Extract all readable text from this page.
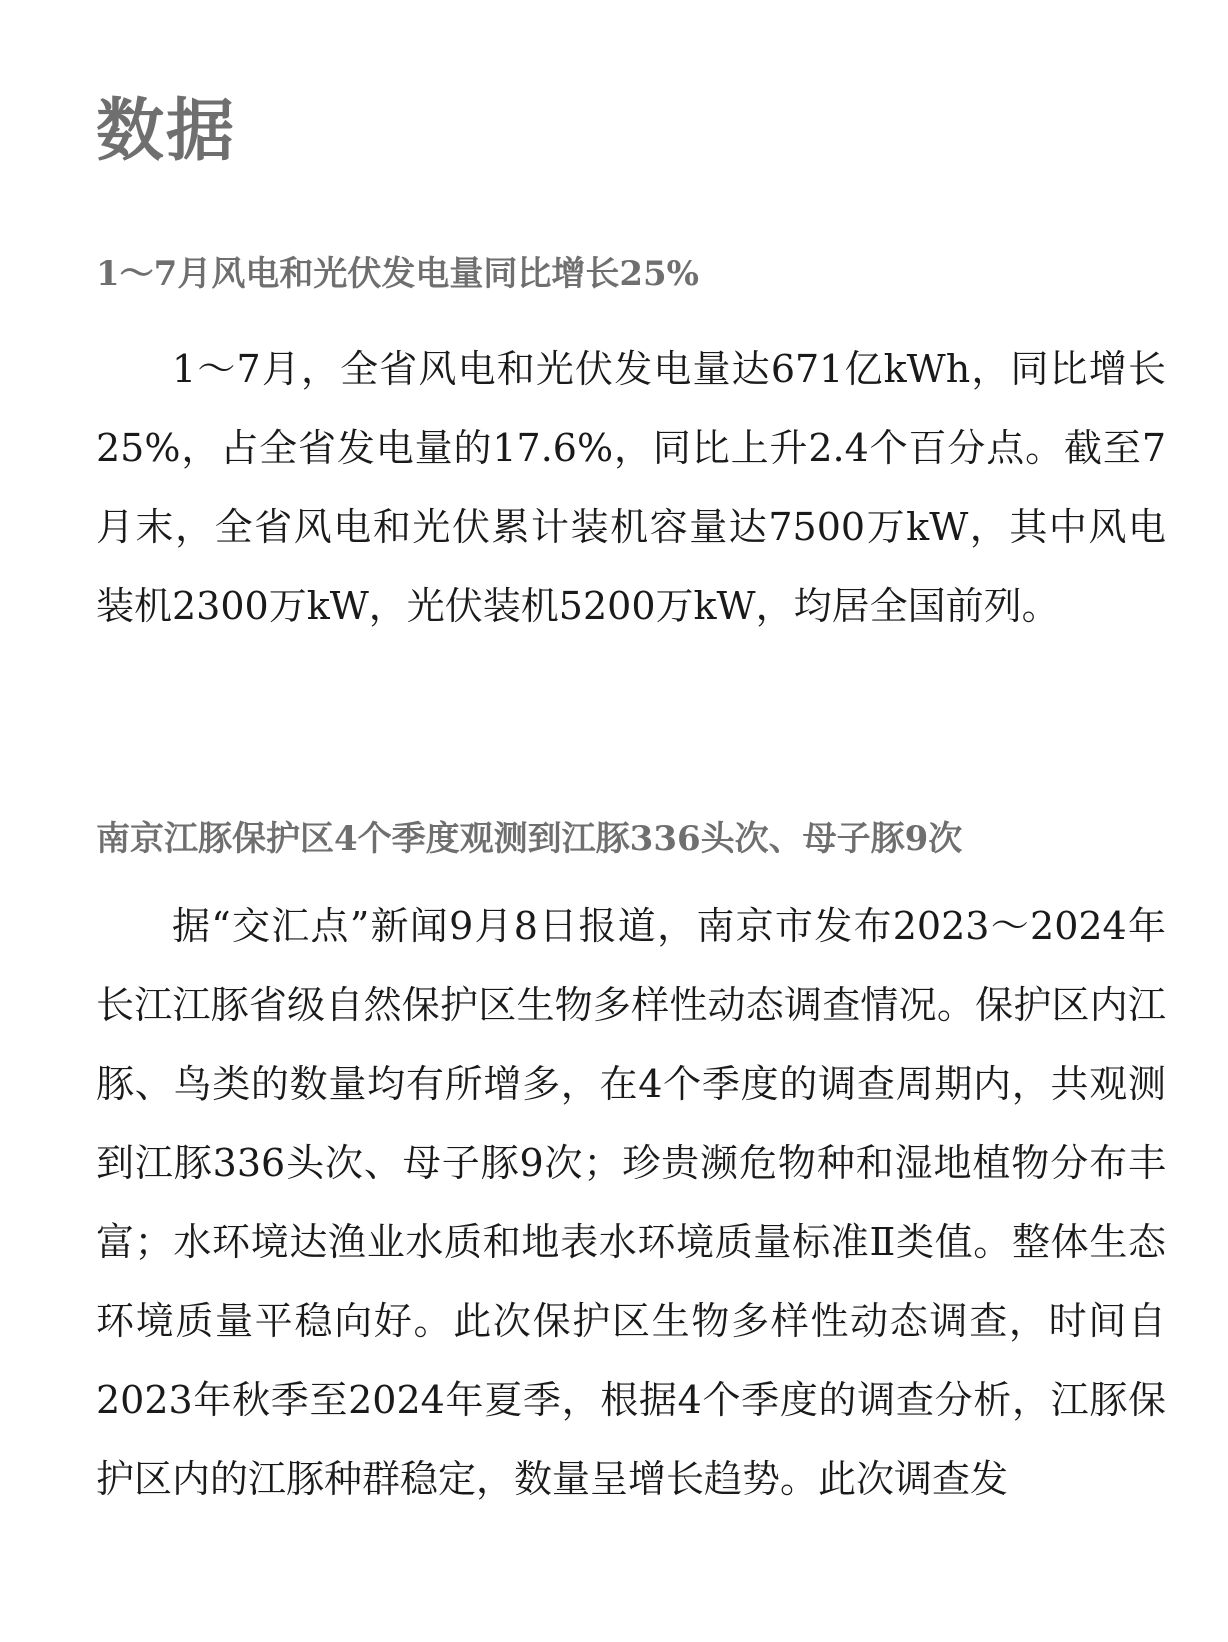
数据
1～7月风电和光伏发电量同比增长25%

1～7月，全省风电和光伏发电量达671亿kWh，同比增长25%，占全省发电量的17.6%，同比上升2.4个百分点。截至7月末，全省风电和光伏累计装机容量达7500万kW，其中风电装机2300万kW，光伏装机5200万kW，均居全国前列。

南京江豚保护区4个季度观测到江豚336头次、母子豚9次

据“交汇点”新闻9月8日报道，南京市发布2023～2024年长江江豚省级自然保护区生物多样性动态调查情况。保护区内江豚、鸟类的数量均有所增多，在4个季度的调查周期内，共观测到江豚336头次、母子豚9次；珍贵濒危物种和湿地植物分布丰富；水环境达渔业水质和地表水环境质量标准Ⅱ类值。整体生态环境质量平稳向好。此次保护区生物多样性动态调查，时间自2023年秋季至2024年夏季，根据4个季度的调查分析，江豚保护区内的江豚种群稳定，数量呈增长趋势。此次调查发
